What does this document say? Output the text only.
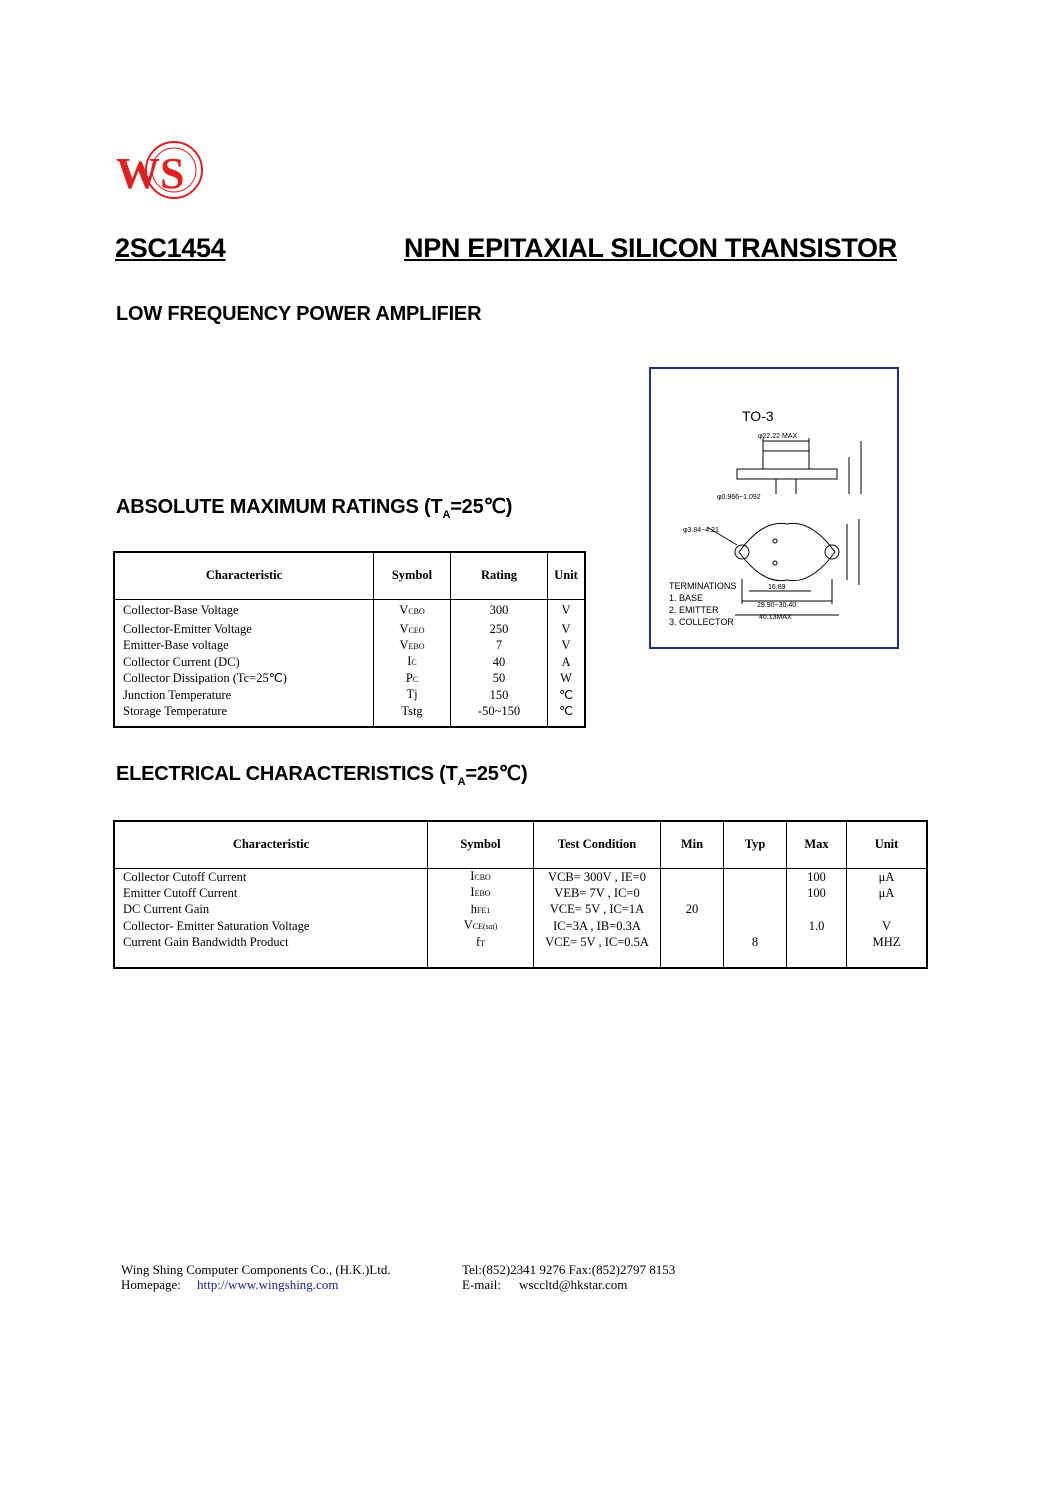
WS
2SC1454	NPN EPITAXIAL SILICON TRANSISTOR
LOW FREQUENCY POWER AMPLIFIER
TO-3
φ22.22 MAX
φ0.966~1.092
φ3.84~4.21
16.89
29.90~30.40
40.13MAX
TERMINATIONS
1. BASE
2. EMITTER
3. COLLECTOR
ABSOLUTE MAXIMUM RATINGS $(T_A=25℃)$
Characteristic	Symbol	Rating	Unit
Collector-Base Voltage	VCBO	300	V
Collector-Emitter Voltage	VCEO	250	V
Emitter-Base voltage	VEBO	7	V
Collector Current (DC)	IC	40	A
Collector Dissipation (Tc=25℃)	PC	50	W
Junction Temperature	Tj	150	℃
Storage Temperature	Tstg	-50~150	℃

ELECTRICAL CHARACTERISTICS $(T_A=25℃)$
Characteristic	Symbol	Test Condition	Min	Typ	Max	Unit
Collector Cutoff Current	ICBO	VCB= 300V , IE=0			100	μA
Emitter Cutoff Current	IEBO	VEB= 7V , IC=0			100	μA
DC Current Gain	hFE1	VCE= 5V , IC=1A	20			
Collector- Emitter Saturation Voltage	VCE(sat)	IC=3A , IB=0.3A			1.0	V
Current Gain Bandwidth Product	fT	VCE= 5V , IC=0.5A		8		MHZ

Wing Shing Computer Components Co., (H.K.)Ltd.
Homepage: http://www.wingshing.com
Tel:(852)2341 9276 Fax:(852)2797 8153
E-mail: wsccltd@hkstar.com
